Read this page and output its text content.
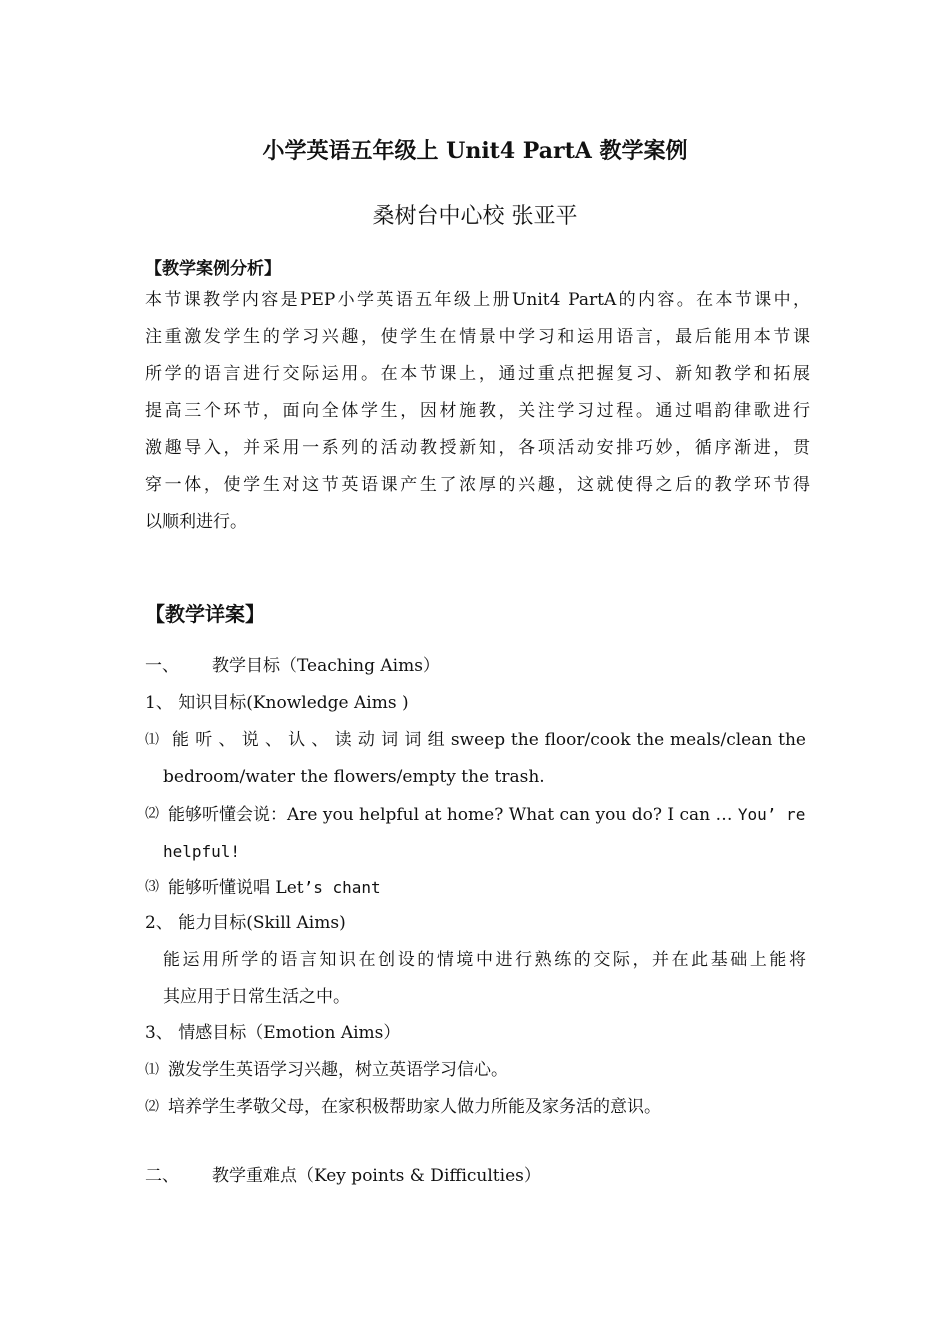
小学英语五年级上 Unit4 PartA 教学案例
桑树台中心校 张亚平
【教学案例分析】
本节课教学内容是PEP小学英语五年级上册Unit4 PartA的内容。在本节课中，
注重激发学生的学习兴趣，使学生在情景中学习和运用语言，最后能用本节课
所学的语言进行交际运用。在本节课上，通过重点把握复习、新知教学和拓展
提高三个环节，面向全体学生，因材施教，关注学习过程。通过唱韵律歌进行
激趣导入，并采用一系列的活动教授新知，各项活动安排巧妙，循序渐进，贯
穿一体，使学生对这节英语课产生了浓厚的兴趣，这就使得之后的教学环节得
以顺利进行。
【教学详案】
一、 教学目标（Teaching Aims）
1、 知识目标(Knowledge Aims )
⑴ 能 听 、 说 、 认 、 读 动 词 词 组 sweep the floor/cook the meals/clean the
bedroom/water the flowers/empty the trash.
⑵ 能够听懂会说：Are you helpful at home? What can you do? I can … You’ re
helpful!
⑶ 能够听懂说唱 Let’s chant
2、 能力目标(Skill Aims)
能运用所学的语言知识在创设的情境中进行熟练的交际，并在此基础上能将
其应用于日常生活之中。
3、 情感目标（Emotion Aims）
⑴ 激发学生英语学习兴趣，树立英语学习信心。
⑵ 培养学生孝敬父母，在家积极帮助家人做力所能及家务活的意识。
二、 教学重难点（Key points & Difficulties）
